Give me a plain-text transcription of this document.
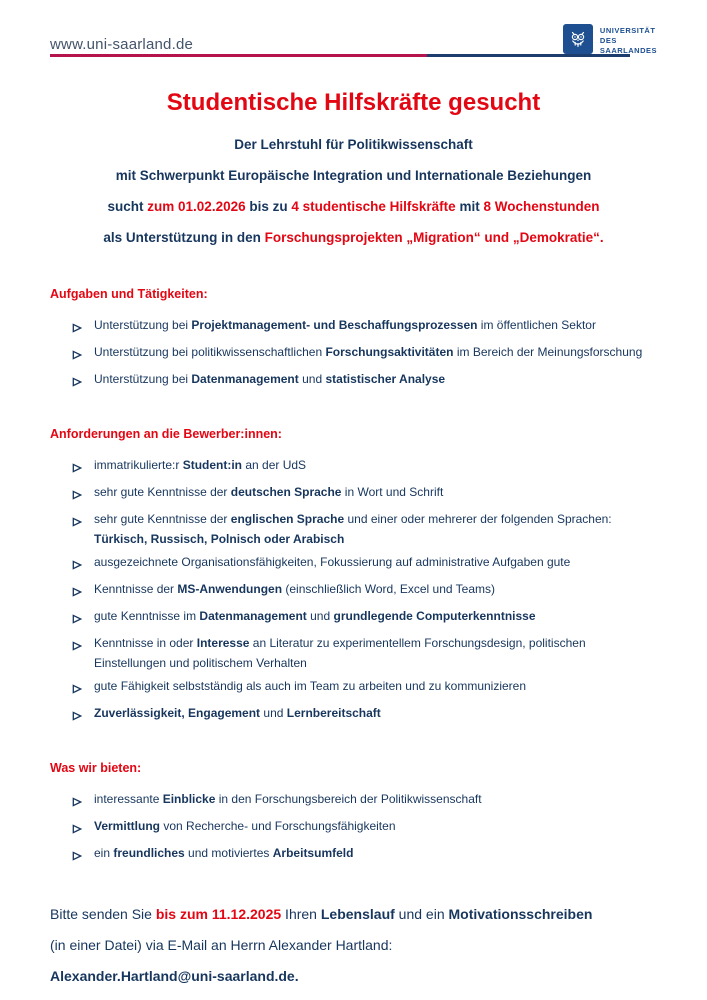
www.uni-saarland.de
UNIVERSITÄT
DES
SAARLANDES
Studentische Hilfskräfte gesucht
Der Lehrstuhl für Politikwissenschaft
mit Schwerpunkt Europäische Integration und Internationale Beziehungen
sucht zum 01.02.2026 bis zu 4 studentische Hilfskräfte mit 8 Wochenstunden
als Unterstützung in den Forschungsprojekten „Migration“ und „Demokratie“.
Aufgaben und Tätigkeiten:
Unterstützung bei Projektmanagement- und Beschaffungsprozessen im öffentlichen Sektor
Unterstützung bei politikwissenschaftlichen Forschungsaktivitäten im Bereich der Meinungsforschung
Unterstützung bei Datenmanagement und statistischer Analyse
Anforderungen an die Bewerber:innen:
immatrikulierte:r Student:in an der UdS
sehr gute Kenntnisse der deutschen Sprache in Wort und Schrift
sehr gute Kenntnisse der englischen Sprache und einer oder mehrerer der folgenden Sprachen: Türkisch, Russisch, Polnisch oder Arabisch
ausgezeichnete Organisationsfähigkeiten, Fokussierung auf administrative Aufgaben gute
Kenntnisse der MS-Anwendungen (einschließlich Word, Excel und Teams)
gute Kenntnisse im Datenmanagement und grundlegende Computerkenntnisse
Kenntnisse in oder Interesse an Literatur zu experimentellem Forschungsdesign, politischen Einstellungen und politischem Verhalten
gute Fähigkeit selbstständig als auch im Team zu arbeiten und zu kommunizieren
Zuverlässigkeit, Engagement und Lernbereitschaft
Was wir bieten:
interessante Einblicke in den Forschungsbereich der Politikwissenschaft
Vermittlung von Recherche- und Forschungsfähigkeiten
ein freundliches und motiviertes Arbeitsumfeld
Bitte senden Sie bis zum 11.12.2025 Ihren Lebenslauf und ein Motivationsschreiben
(in einer Datei) via E-Mail an Herrn Alexander Hartland:
Alexander.Hartland@uni-saarland.de.
